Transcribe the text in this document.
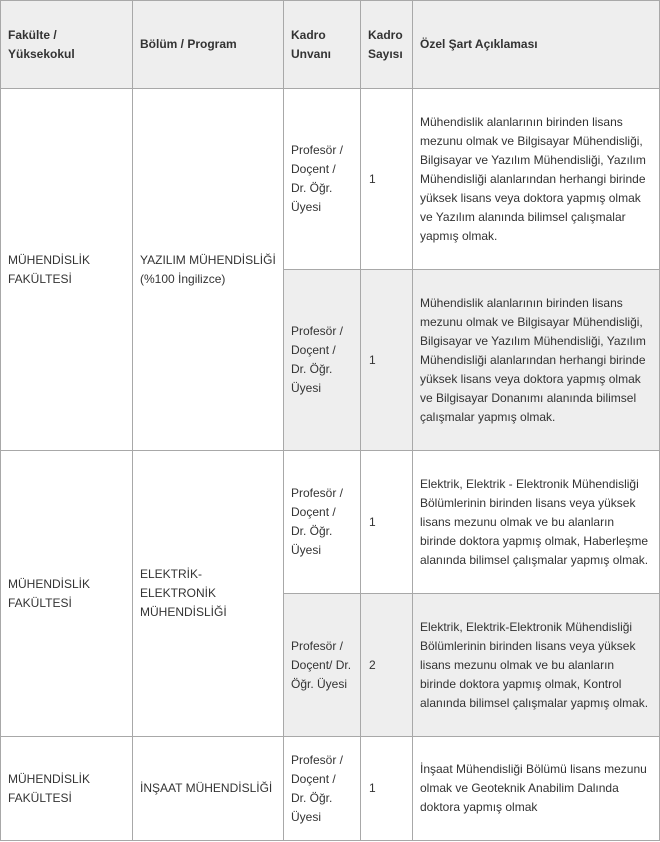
Fakülte / Yüksekokul	Bölüm / Program	Kadro Unvanı	Kadro Sayısı	Özel Şart Açıklaması
MÜHENDİSLİK FAKÜLTESİ	YAZILIM MÜHENDİSLİĞİ (%100 İngilizce)	Profesör / Doçent / Dr. Öğr. Üyesi	1	Mühendislik alanlarının birinden lisans mezunu olmak ve Bilgisayar Mühendisliği, Bilgisayar ve Yazılım Mühendisliği, Yazılım Mühendisliği alanlarından herhangi birinde yüksek lisans veya doktora yapmış olmak ve Yazılım alanında bilimsel çalışmalar yapmış olmak.
		Profesör / Doçent / Dr. Öğr. Üyesi	1	Mühendislik alanlarının birinden lisans mezunu olmak ve Bilgisayar Mühendisliği, Bilgisayar ve Yazılım Mühendisliği, Yazılım Mühendisliği alanlarından herhangi birinde yüksek lisans veya doktora yapmış olmak ve Bilgisayar Donanımı alanında bilimsel çalışmalar yapmış olmak.
MÜHENDİSLİK FAKÜLTESİ	ELEKTRİK-ELEKTRONİK MÜHENDİSLİĞİ	Profesör / Doçent / Dr. Öğr. Üyesi	1	Elektrik, Elektrik - Elektronik Mühendisliği Bölümlerinin birinden lisans veya yüksek lisans mezunu olmak ve bu alanların birinde doktora yapmış olmak, Haberleşme alanında bilimsel çalışmalar yapmış olmak.
		Profesör / Doçent/ Dr. Öğr. Üyesi	2	Elektrik, Elektrik-Elektronik Mühendisliği Bölümlerinin birinden lisans veya yüksek lisans mezunu olmak ve bu alanların birinde doktora yapmış olmak, Kontrol alanında bilimsel çalışmalar yapmış olmak.
MÜHENDİSLİK FAKÜLTESİ	İNŞAAT MÜHENDİSLİĞİ	Profesör / Doçent / Dr. Öğr. Üyesi	1	İnşaat Mühendisliği Bölümü lisans mezunu olmak ve Geoteknik Anabilim Dalında doktora yapmış olmak
